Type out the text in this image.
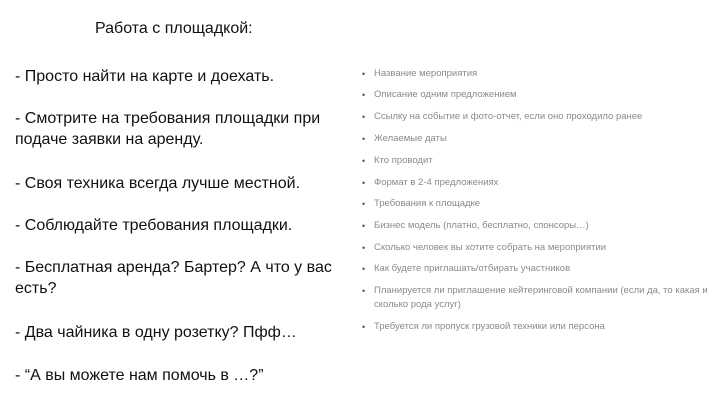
Работа с площадкой:
- Просто найти на карте и доехать.
- Смотрите на требования площадки при подаче заявки на аренду.
- Своя техника всегда лучше местной.
- Соблюдайте требования площадки.
- Бесплатная аренда? Бартер? А что у вас есть?
- Два чайника в одну розетку? Пфф…
- “А вы можете нам помочь в …?”
• Название мероприятия
• Описание одним предложением
• Ссылку на событие и фото-отчет, если оно проходило ранее
• Желаемые даты
• Кто проводит
• Формат в 2-4 предложениях
• Требования к площадке
• Бизнес модель (платно, бесплатно, спонсоры…)
• Сколько человек вы хотите собрать на мероприятии
• Как будете приглашать/отбирать участников
• Планируется ли приглашение кейтеринговой компании (если да, то какая и сколько рода услуг)
• Требуется ли пропуск грузовой техники или персона
